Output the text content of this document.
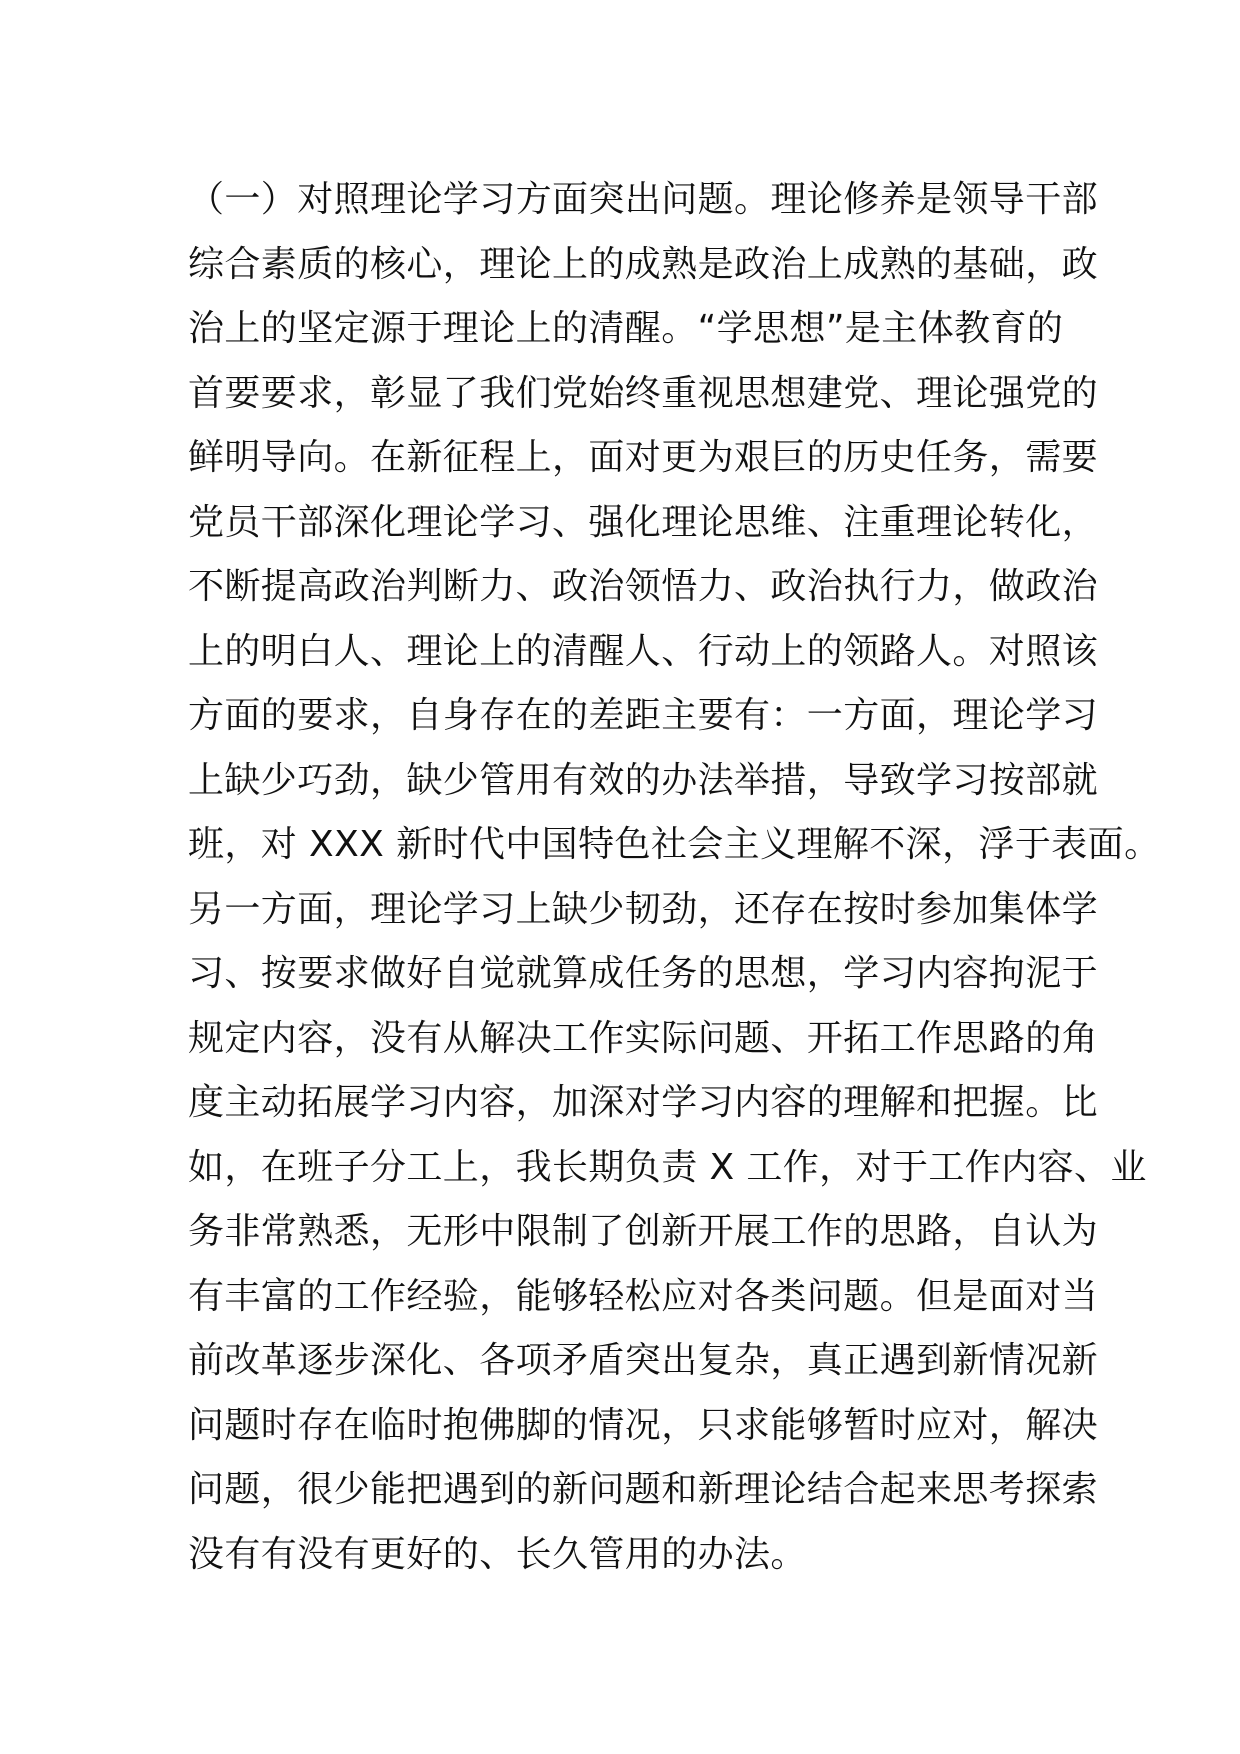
（一）对照理论学习方面突出问题。理论修养是领导干部
综合素质的核心，理论上的成熟是政治上成熟的基础，政
治上的坚定源于理论上的清醒。“学思想”是主体教育的
首要要求，彰显了我们党始终重视思想建党、理论强党的
鲜明导向。在新征程上，面对更为艰巨的历史任务，需要
党员干部深化理论学习、强化理论思维、注重理论转化，
不断提高政治判断力、政治领悟力、政治执行力，做政治
上的明白人、理论上的清醒人、行动上的领路人。对照该
方面的要求，自身存在的差距主要有：一方面，理论学习
上缺少巧劲，缺少管用有效的办法举措，导致学习按部就
班，对 XXX 新时代中国特色社会主义理解不深，浮于表面。
另一方面，理论学习上缺少韧劲，还存在按时参加集体学
习、按要求做好自觉就算成任务的思想，学习内容拘泥于
规定内容，没有从解决工作实际问题、开拓工作思路的角
度主动拓展学习内容，加深对学习内容的理解和把握。比
如，在班子分工上，我长期负责 X 工作，对于工作内容、业
务非常熟悉，无形中限制了创新开展工作的思路，自认为
有丰富的工作经验，能够轻松应对各类问题。但是面对当
前改革逐步深化、各项矛盾突出复杂，真正遇到新情况新
问题时存在临时抱佛脚的情况，只求能够暂时应对，解决
问题，很少能把遇到的新问题和新理论结合起来思考探索
没有有没有更好的、长久管用的办法。
